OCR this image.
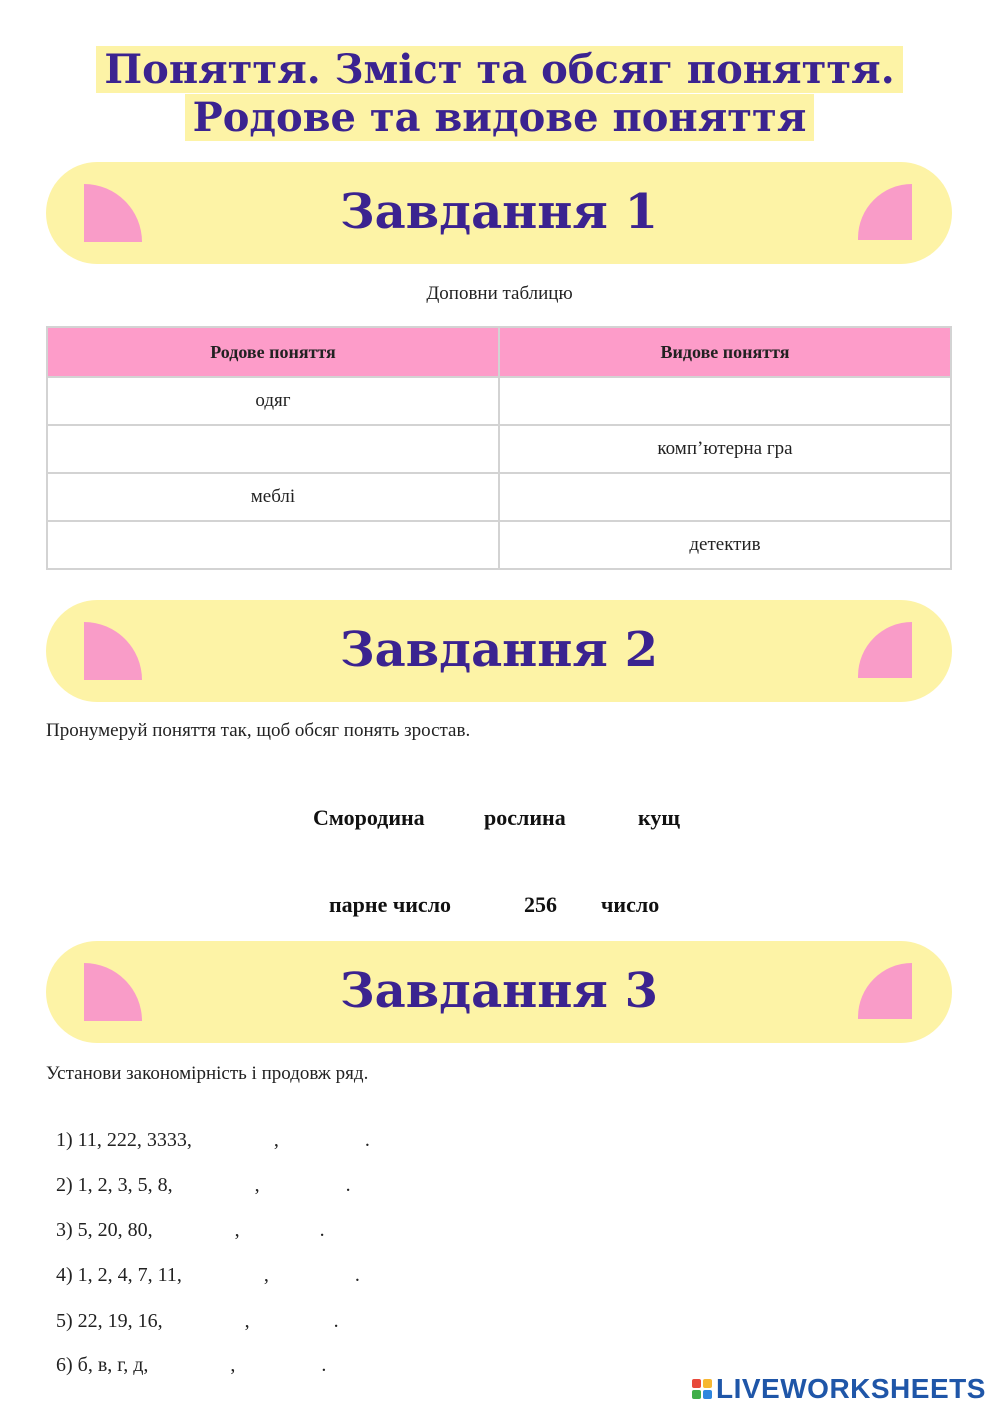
Поняття. Зміст та обсяг поняття.
Родове та видове поняття
Завдання 1
Доповни таблицю
Родове поняття	Видове поняття
одяг	
	комп’ютерна гра
меблі	
	детектив
Завдання 2
Пронумеруй поняття так, щоб обсяг понять зростав.
Смородина	рослина	кущ
парне число	256 число
Завдання 3
Установи закономірність і продовж ряд.

1) 11, 222, 3333,	,	.

2) 1, 2, 3, 5, 8,	,	.

3) 5, 20, 80,	,	.

4) 1, 2, 4, 7, 11,	,	.

5) 22, 19, 16,	,	.

6) б, в, г, д,	,	.

LIVEWORKSHEETS
